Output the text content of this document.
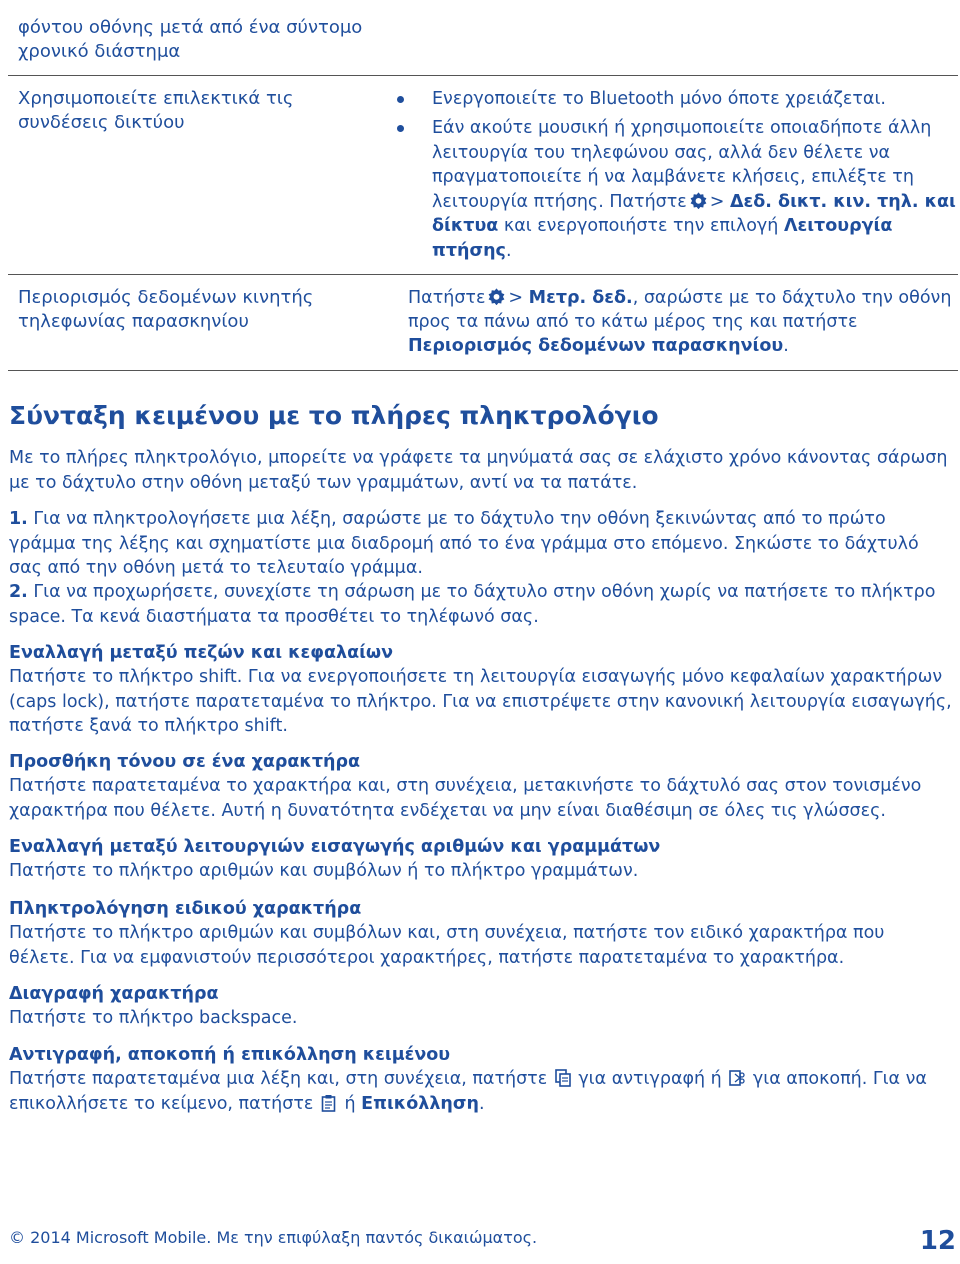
φόντου οθόνης μετά από ένα σύντομο χρονικό διάστημα
Χρησιμοποιείτε επιλεκτικά τις συνδέσεις δικτύου
Ενεργοποιείτε το Bluetooth μόνο όποτε χρειάζεται.
Εάν ακούτε μουσική ή χρησιμοποιείτε οποιαδήποτε άλλη λειτουργία του τηλεφώνου σας, αλλά δεν θέλετε να πραγματοποιείτε ή να λαμβάνετε κλήσεις, επιλέξτε τη λειτουργία πτήσης. Πατήστε > Δεδ. δικτ. κιν. τηλ. και δίκτυα και ενεργοποιήστε την επιλογή Λειτουργία πτήσης.
Περιορισμός δεδομένων κινητής τηλεφωνίας παρασκηνίου
Πατήστε > Μετρ. δεδ., σαρώστε με το δάχτυλο την οθόνη προς τα πάνω από το κάτω μέρος της και πατήστε Περιορισμός δεδομένων παρασκηνίου.
Σύνταξη κειμένου με το πλήρες πληκτρολόγιο
Με το πλήρες πληκτρολόγιο, μπορείτε να γράφετε τα μηνύματά σας σε ελάχιστο χρόνο κάνοντας σάρωση με το δάχτυλο στην οθόνη μεταξύ των γραμμάτων, αντί να τα πατάτε.
1. Για να πληκτρολογήσετε μια λέξη, σαρώστε με το δάχτυλο την οθόνη ξεκινώντας από το πρώτο γράμμα της λέξης και σχηματίστε μια διαδρομή από το ένα γράμμα στο επόμενο. Σηκώστε το δάχτυλό σας από την οθόνη μετά το τελευταίο γράμμα.
2. Για να προχωρήσετε, συνεχίστε τη σάρωση με το δάχτυλο στην οθόνη χωρίς να πατήσετε το πλήκτρο space. Τα κενά διαστήματα τα προσθέτει το τηλέφωνό σας.
Εναλλαγή μεταξύ πεζών και κεφαλαίων
Πατήστε το πλήκτρο shift. Για να ενεργοποιήσετε τη λειτουργία εισαγωγής μόνο κεφαλαίων χαρακτήρων (caps lock), πατήστε παρατεταμένα το πλήκτρο. Για να επιστρέψετε στην κανονική λειτουργία εισαγωγής, πατήστε ξανά το πλήκτρο shift.
Προσθήκη τόνου σε ένα χαρακτήρα
Πατήστε παρατεταμένα το χαρακτήρα και, στη συνέχεια, μετακινήστε το δάχτυλό σας στον τονισμένο χαρακτήρα που θέλετε. Αυτή η δυνατότητα ενδέχεται να μην είναι διαθέσιμη σε όλες τις γλώσσες.
Εναλλαγή μεταξύ λειτουργιών εισαγωγής αριθμών και γραμμάτων
Πατήστε το πλήκτρο αριθμών και συμβόλων ή το πλήκτρο γραμμάτων.
Πληκτρολόγηση ειδικού χαρακτήρα
Πατήστε το πλήκτρο αριθμών και συμβόλων και, στη συνέχεια, πατήστε τον ειδικό χαρακτήρα που θέλετε. Για να εμφανιστούν περισσότεροι χαρακτήρες, πατήστε παρατεταμένα το χαρακτήρα.
Διαγραφή χαρακτήρα
Πατήστε το πλήκτρο backspace.
Αντιγραφή, αποκοπή ή επικόλληση κειμένου
Πατήστε παρατεταμένα μια λέξη και, στη συνέχεια, πατήστε για αντιγραφή ή για αποκοπή. Για να επικολλήσετε το κείμενο, πατήστε ή Επικόλληση.
© 2014 Microsoft Mobile. Με την επιφύλαξη παντός δικαιώματος.	12
